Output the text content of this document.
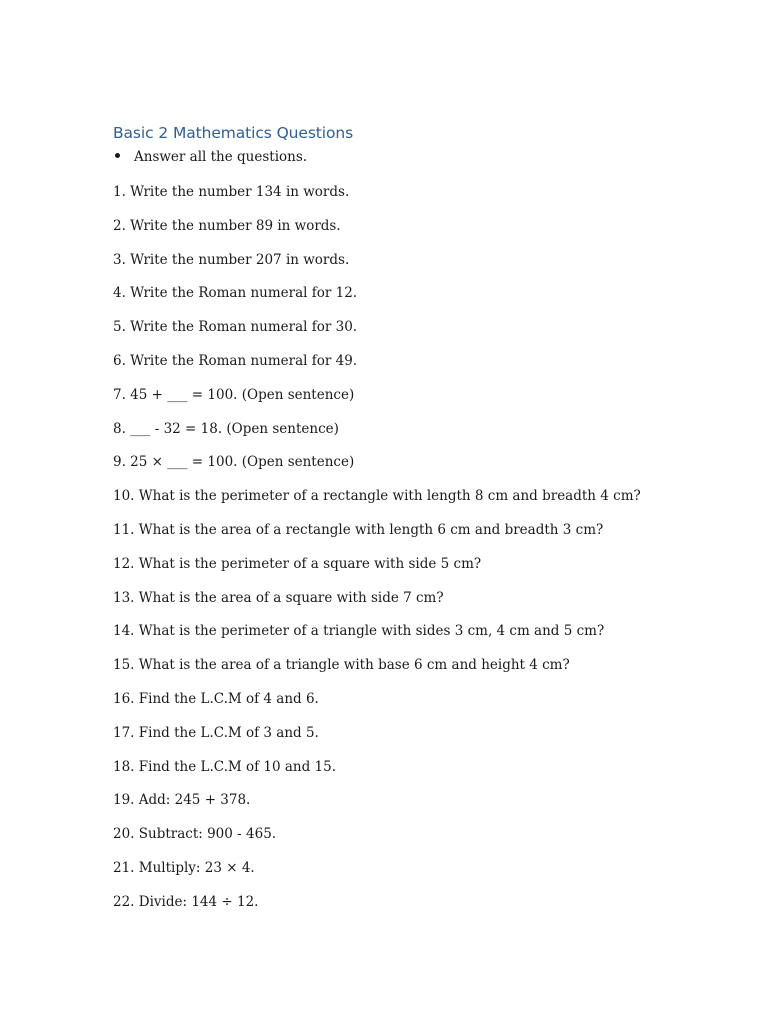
Basic 2 Mathematics Questions
Answer all the questions.
1. Write the number 134 in words.
2. Write the number 89 in words.
3. Write the number 207 in words.
4. Write the Roman numeral for 12.
5. Write the Roman numeral for 30.
6. Write the Roman numeral for 49.
7. 45 + ___ = 100. (Open sentence)
8. ___ - 32 = 18. (Open sentence)
9. 25 × ___ = 100. (Open sentence)
10. What is the perimeter of a rectangle with length 8 cm and breadth 4 cm?
11. What is the area of a rectangle with length 6 cm and breadth 3 cm?
12. What is the perimeter of a square with side 5 cm?
13. What is the area of a square with side 7 cm?
14. What is the perimeter of a triangle with sides 3 cm, 4 cm and 5 cm?
15. What is the area of a triangle with base 6 cm and height 4 cm?
16. Find the L.C.M of 4 and 6.
17. Find the L.C.M of 3 and 5.
18. Find the L.C.M of 10 and 15.
19. Add: 245 + 378.
20. Subtract: 900 - 465.
21. Multiply: 23 × 4.
22. Divide: 144 ÷ 12.
